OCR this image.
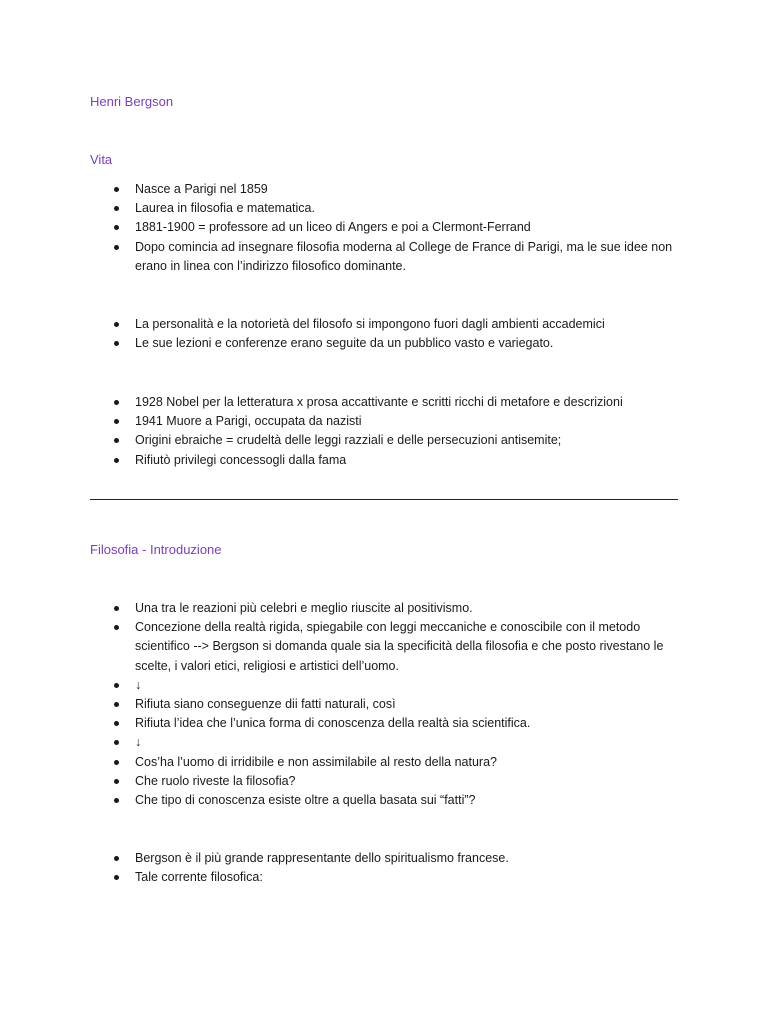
Henri Bergson
Vita
Nasce a Parigi nel 1859
Laurea in filosofia e matematica.
1881-1900 = professore ad un liceo di Angers e poi a Clermont-Ferrand
Dopo comincia ad insegnare filosofia moderna al College de France di Parigi, ma le sue idee non erano in linea con l’indirizzo filosofico dominante.
La personalità e la notorietà del filosofo si impongono fuori dagli ambienti accademici
Le sue lezioni e conferenze erano seguite da un pubblico vasto e variegato.
1928 Nobel per la letteratura x prosa accattivante e scritti ricchi di metafore e descrizioni
1941 Muore a Parigi, occupata da nazisti
Origini ebraiche = crudeltà delle leggi razziali e delle persecuzioni antisemite;
Rifiutò privilegi concessogli dalla fama
Filosofia - Introduzione
Una tra le reazioni più celebri e meglio riuscite al positivismo.
Concezione della realtà rigida, spiegabile con leggi meccaniche e conoscibile con il metodo scientifico --> Bergson si domanda quale sia la specificità della filosofia e che posto rivestano le scelte, i valori etici, religiosi e artistici dell’uomo.
↓
Rifiuta siano conseguenze dii fatti naturali, così
Rifiuta l’idea che l’unica forma di conoscenza della realtà sia scientifica.
↓
Cos’ha l’uomo di irridibile e non assimilabile al resto della natura?
Che ruolo riveste la filosofia?
Che tipo di conoscenza esiste oltre a quella basata sui “fatti”?
Bergson è il più grande rappresentante dello spiritualismo francese.
Tale corrente filosofica:
